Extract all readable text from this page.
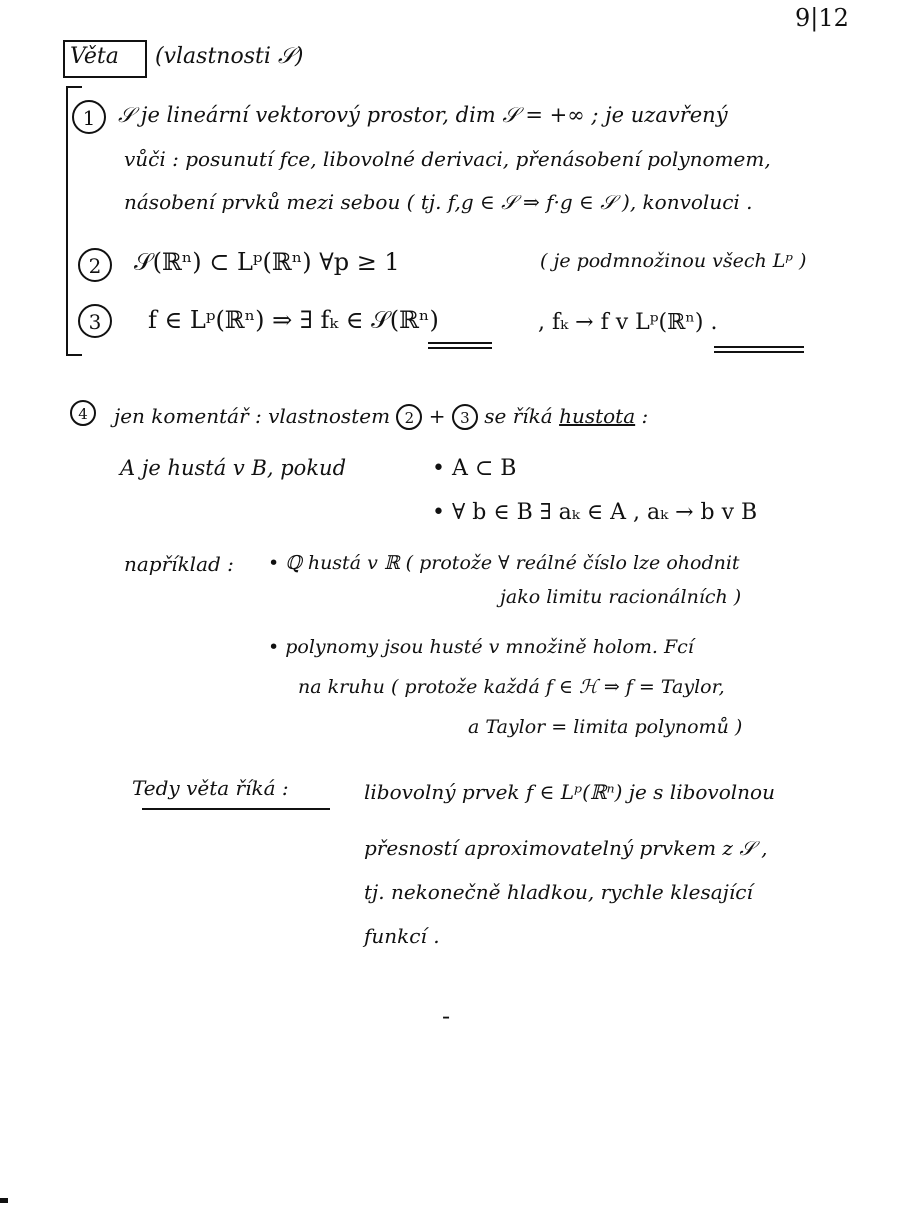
9|12
Věta (vlastnosti 𝒮)
1	𝒮 je lineární vektorový prostor, dim 𝒮 = +∞ ; je uzavřený
vůči : posunutí fce, libovolné derivaci, přenásobení polynomem,
násobení prvků mezi sebou ( tj. f,g ∈ 𝒮 ⇒ f·g ∈ 𝒮 ), konvoluci .
2	𝒮(ℝⁿ) ⊂ Lᵖ(ℝⁿ) ∀p ≥ 1	( je podmnožinou všech Lᵖ )
3	f ∈ Lᵖ(ℝⁿ) ⇒ ∃ fₖ ∈ 𝒮(ℝⁿ)	, fₖ → f v Lᵖ(ℝⁿ) .
4	jen komentář : vlastnostem 2 + 3 se říká hustota :
A je hustá v B, pokud	• A ⊂ B
• ∀ b ∈ B ∃ aₖ ∈ A , aₖ → b v B
například : • ℚ hustá v ℝ ( protože ∀ reálné číslo lze ohodnit
jako limitu racionálních )
• polynomy jsou husté v množině holom. Fcí
na kruhu ( protože každá f ∈ ℋ ⇒ f = Taylor,
a Taylor = limita polynomů )
Tedy věta říká :	libovolný prvek f ∈ Lᵖ(ℝⁿ) je s libovolnou
přesností aproximovatelný prvkem z 𝒮 ,
tj. nekonečně hladkou, rychle klesající
funkcí .
-
